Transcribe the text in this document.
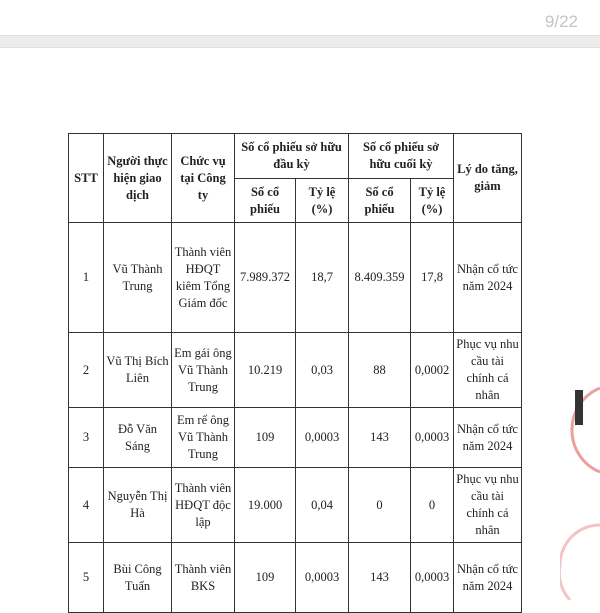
9/22
STT	Người thực hiện giao dịch	Chức vụ tại Công ty	Số cổ phiếu sở hữu đầu kỳ		Số cổ phiếu sở hữu cuối kỳ		Lý do tăng, giảm
			Số cổ phiếu	Tỷ lệ (%)	Số cổ phiếu	Tỷ lệ (%)	
1	Vũ Thành Trung	Thành viên HĐQT kiêm Tổng Giám đốc	7.989.372	18,7	8.409.359	17,8	Nhận cổ tức năm 2024
2	Vũ Thị Bích Liên	Em gái ông Vũ Thành Trung	10.219	0,03	88	0,0002	Phục vụ nhu cầu tài chính cá nhân
3	Đỗ Văn Sáng	Em rể ông Vũ Thành Trung	109	0,0003	143	0,0003	Nhận cổ tức năm 2024
4	Nguyễn Thị Hà	Thành viên HĐQT độc lập	19.000	0,04	0	0	Phục vụ nhu cầu tài chính cá nhân
5	Bùi Công Tuấn	Thành viên BKS	109	0,0003	143	0,0003	Nhận cổ tức năm 2024
